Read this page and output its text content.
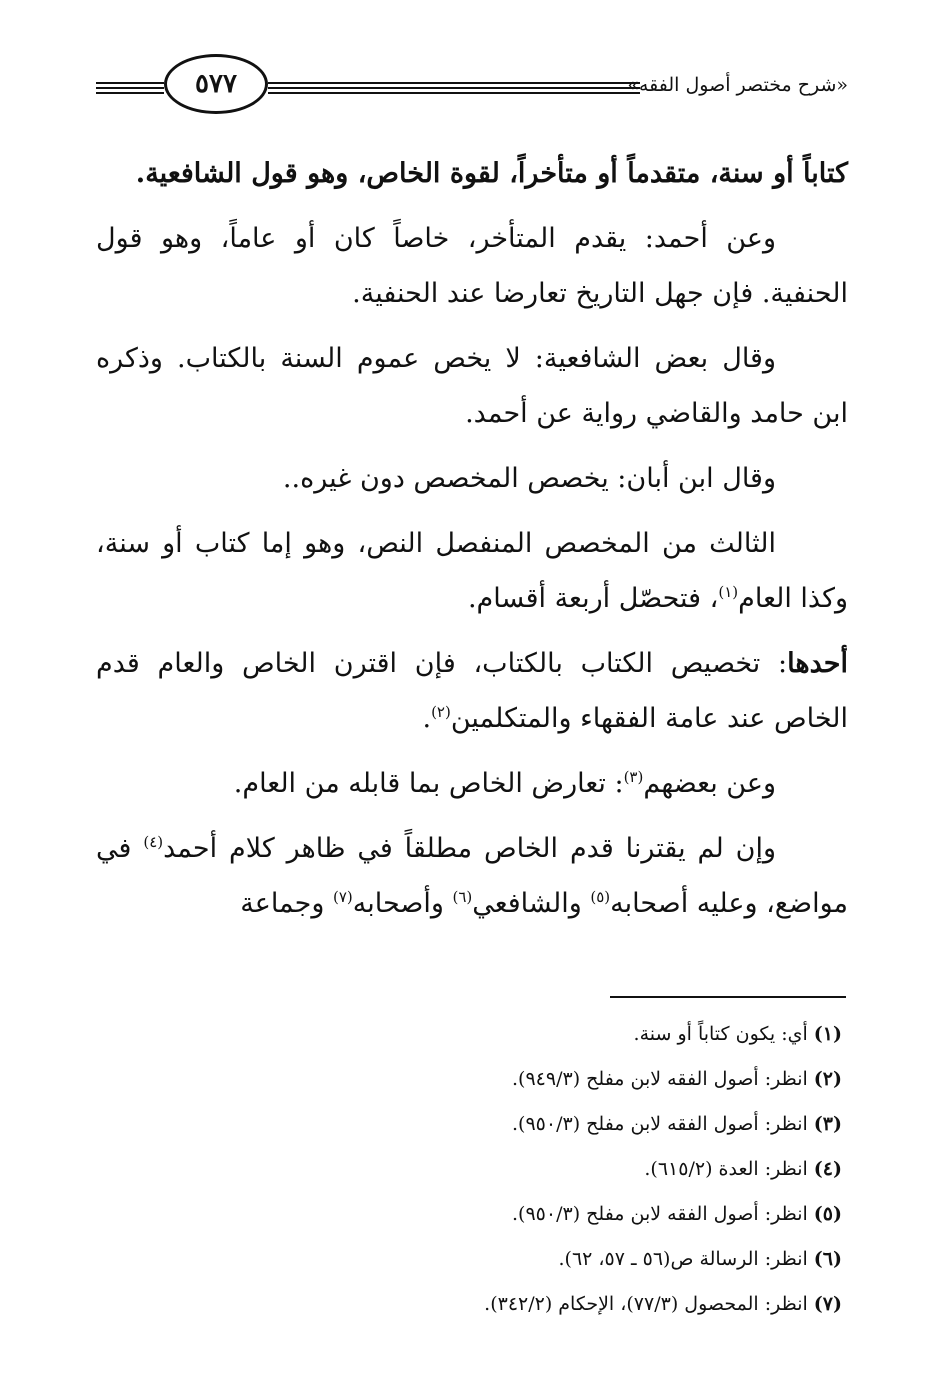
٥٧٧	«شرح مختصر أصول الفقه»

كتاباً أو سنة، متقدماً أو متأخراً، لقوة الخاص، وهو قول الشافعية.

وعن أحمد: يقدم المتأخر، خاصاً كان أو عاماً، وهو قول الحنفية. فإن جهل التاريخ تعارضا عند الحنفية.

وقال بعض الشافعية: لا يخص عموم السنة بالكتاب. وذكره ابن حامد والقاضي رواية عن أحمد.

وقال ابن أبان: يخصص المخصص دون غيره..

الثالث من المخصص المنفصل النص، وهو إما كتاب أو سنة، وكذا العام$^{(١)}$، فتحصّل أربعة أقسام.

أحدها: تخصيص الكتاب بالكتاب، فإن اقترن الخاص والعام قدم الخاص عند عامة الفقهاء والمتكلمين$^{(٢)}$.

وعن بعضهم$^{(٣)}$: تعارض الخاص بما قابله من العام.

وإن لم يقترنا قدم الخاص مطلقاً في ظاهر كلام أحمد$^{(٤)}$ في مواضع، وعليه أصحابه$^{(٥)}$ والشافعي$^{(٦)}$ وأصحابه$^{(٧)}$ وجماعة

(١)أي: يكون كتاباً أو سنة.
(٢)انظر: أصول الفقه لابن مفلح (٩٤٩/٣).
(٣)انظر: أصول الفقه لابن مفلح (٩٥٠/٣).
(٤)انظر: العدة (٦١٥/٢).
(٥)انظر: أصول الفقه لابن مفلح (٩٥٠/٣).
(٦)انظر: الرسالة ص(٥٦ ـ ٥٧، ٦٢).
(٧)انظر: المحصول (٧٧/٣)، الإحكام (٣٤٢/٢).
